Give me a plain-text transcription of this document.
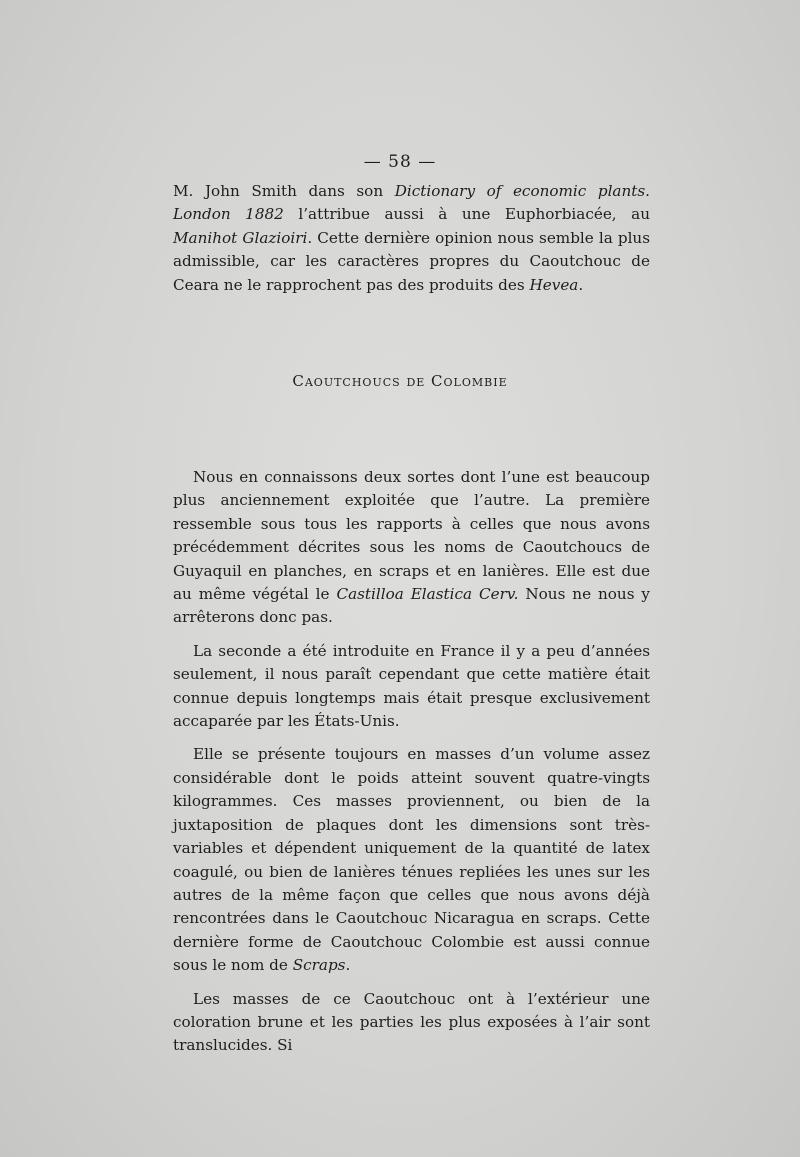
— 58 —

M. John Smith dans son Dictionary of economic plants. London 1882 l’attribue aussi à une Euphorbiacée, au Manihot Glazioiri. Cette dernière opinion nous semble la plus admissible, car les caractères propres du Caoutchouc de Ceara ne le rapprochent pas des produits des Hevea.

Caoutchoucs de Colombie

Nous en connaissons deux sortes dont l’une est beaucoup plus anciennement exploitée que l’autre. La première ressemble sous tous les rapports à celles que nous avons précédemment décrites sous les noms de Caoutchoucs de Guyaquil en planches, en scraps et en lanières. Elle est due au même végétal le Castilloa Elastica Cerv. Nous ne nous y arrêterons donc pas.

La seconde a été introduite en France il y a peu d’années seulement, il nous paraît cependant que cette matière était connue depuis longtemps mais était presque exclusivement accaparée par les États-Unis.

Elle se présente toujours en masses d’un volume assez considérable dont le poids atteint souvent quatre-vingts kilogrammes. Ces masses proviennent, ou bien de la juxtaposition de plaques dont les dimensions sont très-variables et dépendent uniquement de la quantité de latex coagulé, ou bien de lanières ténues repliées les unes sur les autres de la même façon que celles que nous avons déjà rencontrées dans le Caoutchouc Nicaragua en scraps. Cette dernière forme de Caoutchouc Colombie est aussi connue sous le nom de Scraps.

Les masses de ce Caoutchouc ont à l’extérieur une coloration brune et les parties les plus exposées à l’air sont translucides. Si
